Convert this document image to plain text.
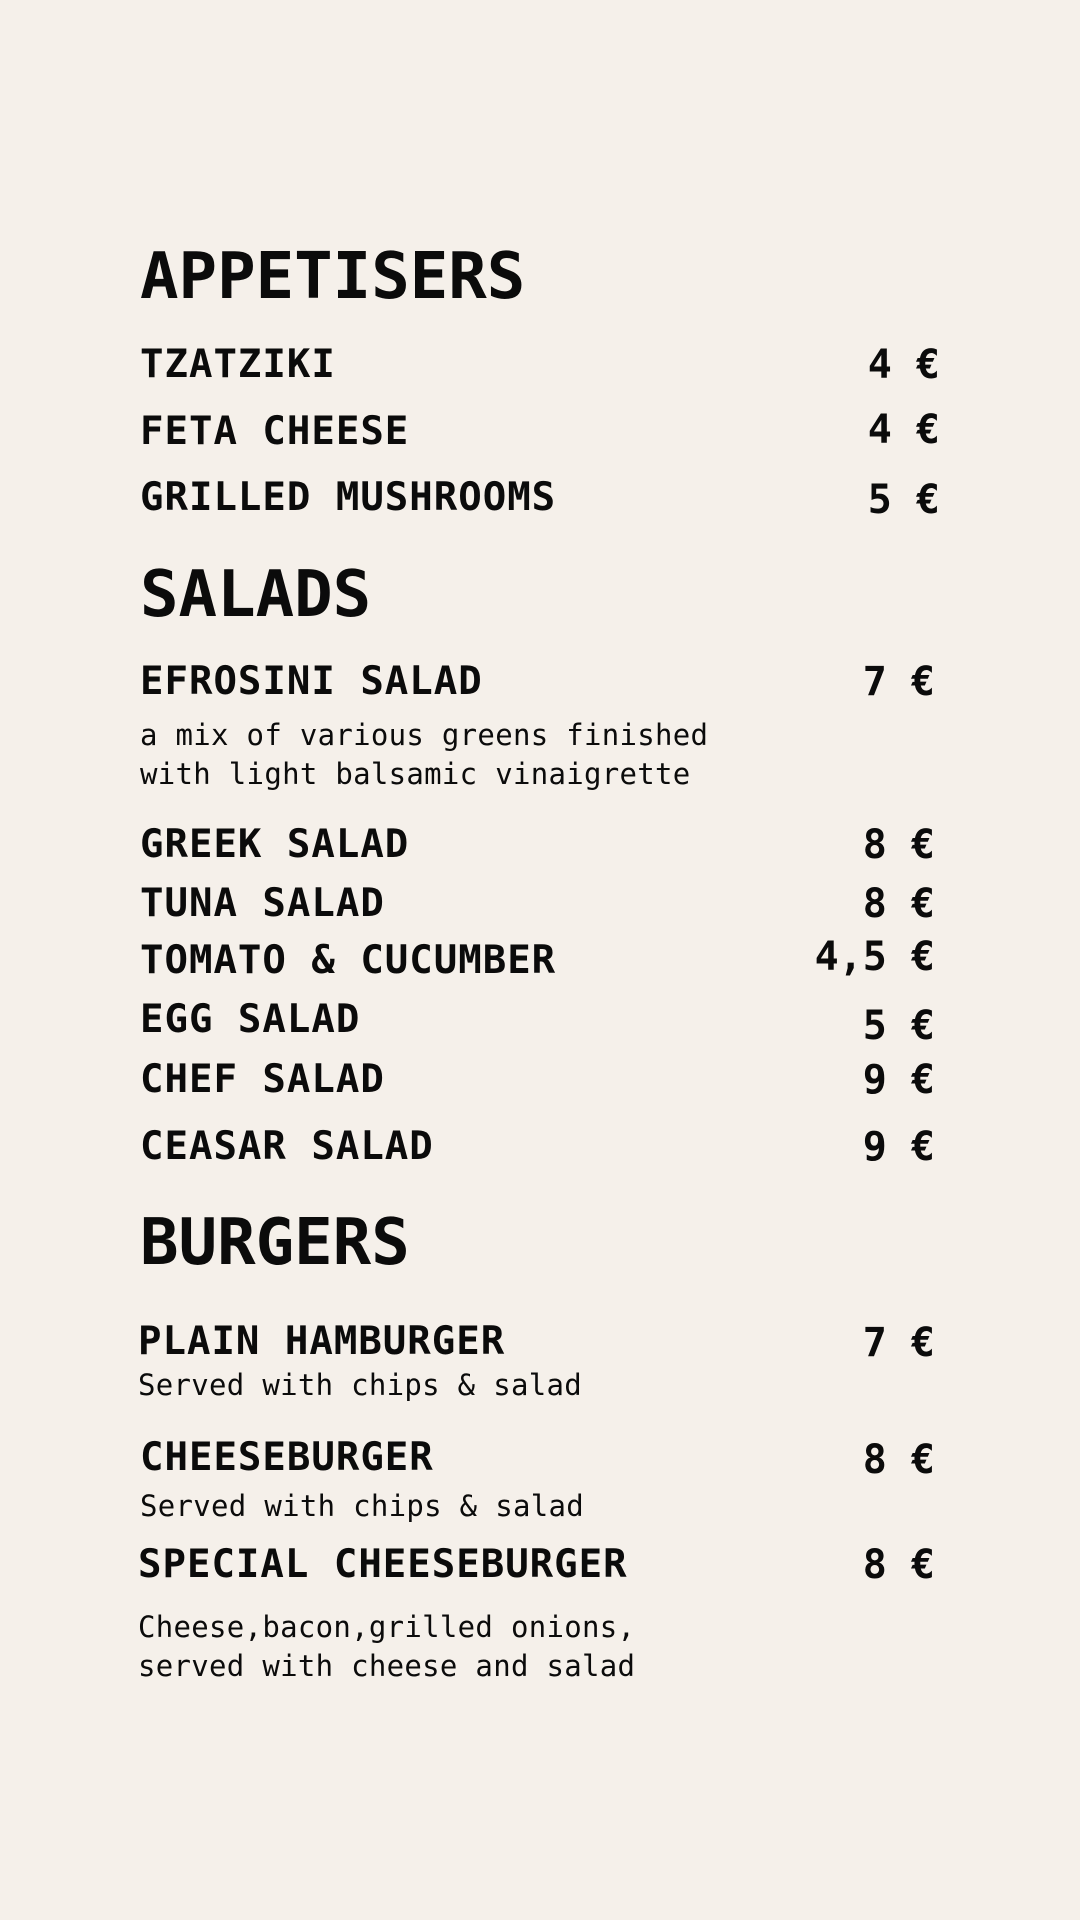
APPETISERS
TZATZIKI	4 €
FETA CHEESE	4 €
GRILLED MUSHROOMS	5 €
SALADS
EFROSINI SALAD	7 €
a mix of various greens finished
with light balsamic vinaigrette
GREEK SALAD	8 €
TUNA SALAD	8 €
TOMATO & CUCUMBER	4,5 €
EGG SALAD	5 €
CHEF SALAD	9 €
CEASAR SALAD	9 €
BURGERS
PLAIN HAMBURGER	7 €
Served with chips & salad
CHEESEBURGER	8 €
Served with chips & salad
SPECIAL CHEESEBURGER	8 €
Cheese,bacon,grilled onions,
served with cheese and salad
